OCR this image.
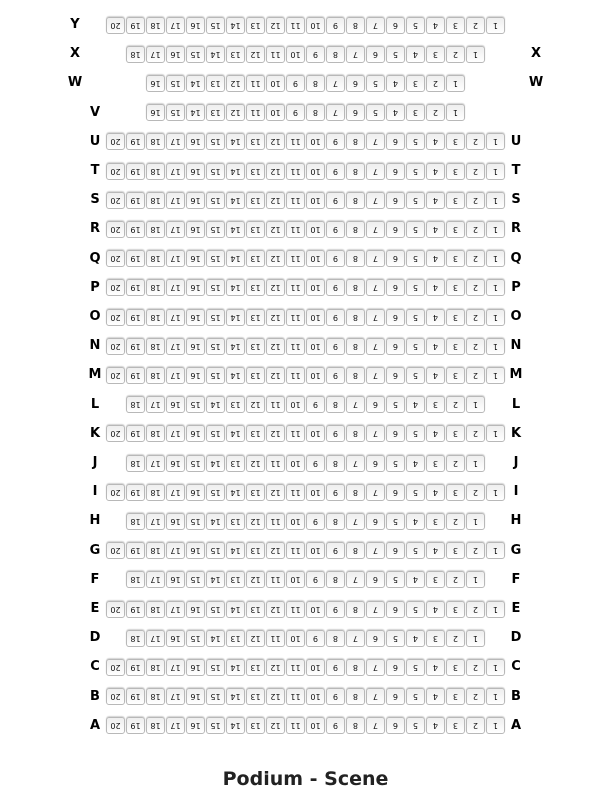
Y	1
2
3
4
5
6
7
8
9
10
11
12
13
14
15
16
17
18
19
20
X	1
2
3
4
5
6
7
8
9
10
11
12
13
14
15
16
17
18	X
W	1
2
3
4
5
6
7
8
9
10
11
12
13
14
15
16	W
V	1
2
3
4
5
6
7
8
9
10
11
12
13
14
15
16
U	1
2
3
4
5
6
7
8
9
10
11
12
13
14
15
16
17
18
19
20	U
T	1
2
3
4
5
6
7
8
9
10
11
12
13
14
15
16
17
18
19
20	T
S	1
2
3
4
5
6
7
8
9
10
11
12
13
14
15
16
17
18
19
20	S
R	1
2
3
4
5
6
7
8
9
10
11
12
13
14
15
16
17
18
19
20	R
Q	1
2
3
4
5
6
7
8
9
10
11
12
13
14
15
16
17
18
19
20	Q
P	1
2
3
4
5
6
7
8
9
10
11
12
13
14
15
16
17
18
19
20	P
O	1
2
3
4
5
6
7
8
9
10
11
12
13
14
15
16
17
18
19
20	O
N	1
2
3
4
5
6
7
8
9
10
11
12
13
14
15
16
17
18
19
20	N
M	1
2
3
4
5
6
7
8
9
10
11
12
13
14
15
16
17
18
19
20	M
L	1
2
3
4
5
6
7
8
9
10
11
12
13
14
15
16
17
18	L
K	1
2
3
4
5
6
7
8
9
10
11
12
13
14
15
16
17
18
19
20	K
J	1
2
3
4
5
6
7
8
9
10
11
12
13
14
15
16
17
18	J
I	1
2
3
4
5
6
7
8
9
10
11
12
13
14
15
16
17
18
19
20	I
H	1
2
3
4
5
6
7
8
9
10
11
12
13
14
15
16
17
18	H
G	1
2
3
4
5
6
7
8
9
10
11
12
13
14
15
16
17
18
19
20	G
F	1
2
3
4
5
6
7
8
9
10
11
12
13
14
15
16
17
18	F
E	1
2
3
4
5
6
7
8
9
10
11
12
13
14
15
16
17
18
19
20	E
D	1
2
3
4
5
6
7
8
9
10
11
12
13
14
15
16
17
18	D
C	1
2
3
4
5
6
7
8
9
10
11
12
13
14
15
16
17
18
19
20	C
B	1
2
3
4
5
6
7
8
9
10
11
12
13
14
15
16
17
18
19
20	B
A	1
2
3
4
5
6
7
8
9
10
11
12
13
14
15
16
17
18
19
20	A
Podium - Scene
